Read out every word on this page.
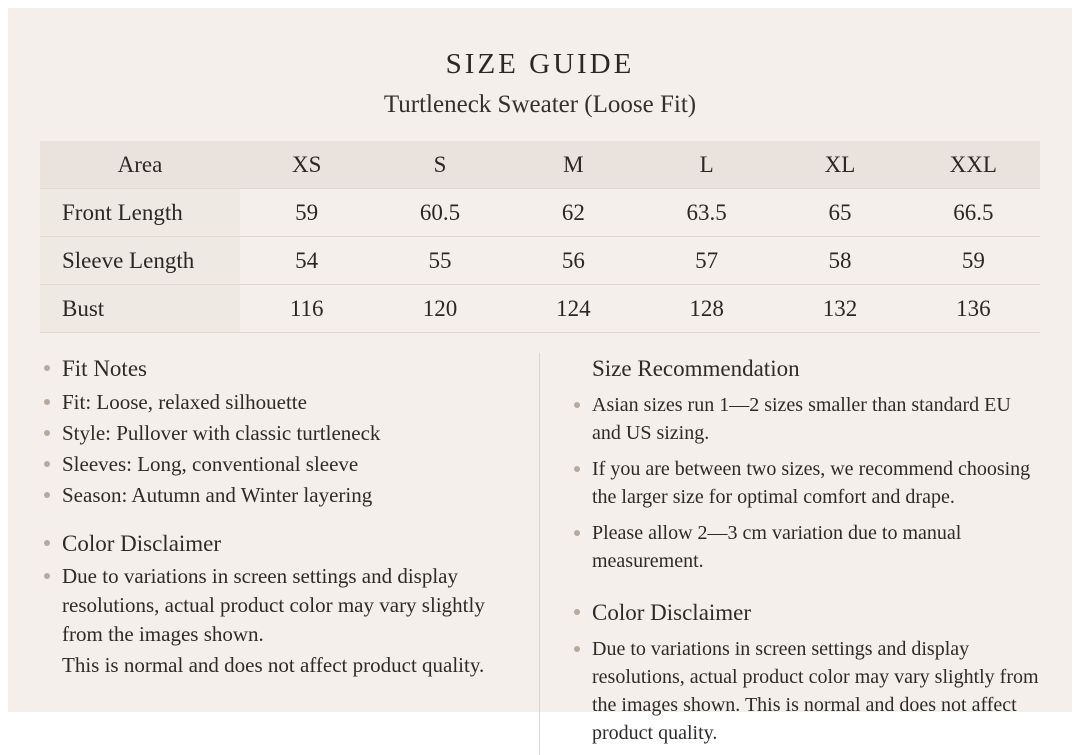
SIZE GUIDE
Turtleneck Sweater (Loose Fit)
Area	XS	S	M	L	XL	XXL
Front Length	59	60.5	62	63.5	65	66.5
Sleeve Length	54	55	56	57	58	59
Bust	116	120	124	128	132	136
Fit Notes
Fit: Loose, relaxed silhouette
Style: Pullover with classic turtleneck
Sleeves: Long, conventional sleeve
Season: Autumn and Winter layering
Color Disclaimer
Due to variations in screen settings and display resolutions, actual product color may vary slightly from the images shown.
This is normal and does not affect product quality.
Size Recommendation
Asian sizes run 1—2 sizes smaller than standard EU and US sizing.
If you are between two sizes, we recommend choosing the larger size for optimal comfort and drape.
Please allow 2—3 cm variation due to manual measurement.
Color Disclaimer
Due to variations in screen settings and display resolutions, actual product color may vary slightly from the images shown. This is normal and does not affect product quality.
